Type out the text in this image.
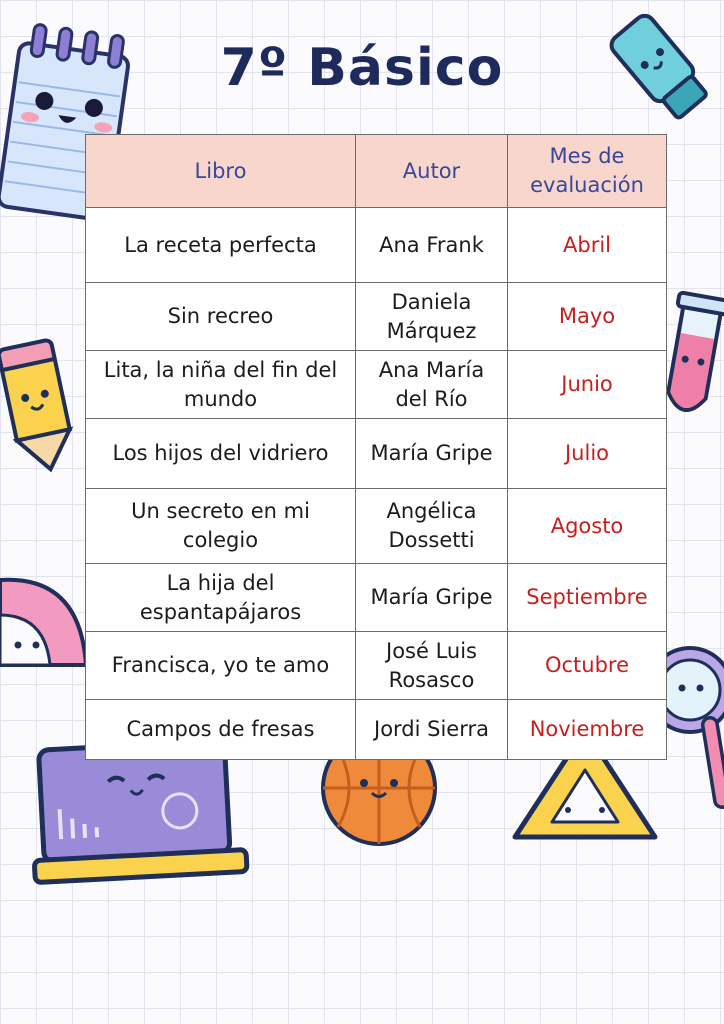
7º Básico
Libro	Autor	Mes de evaluación
La receta perfecta	Ana Frank	Abril
Sin recreo	Daniela Márquez	Mayo
Lita, la niña del fin del mundo	Ana María del Río	Junio
Los hijos del vidriero	María Gripe	Julio
Un secreto en mi colegio	Angélica Dossetti	Agosto
La hija del espantapájaros	María Gripe	Septiembre
Francisca, yo te amo	José Luis Rosasco	Octubre
Campos de fresas	Jordi Sierra	Noviembre
